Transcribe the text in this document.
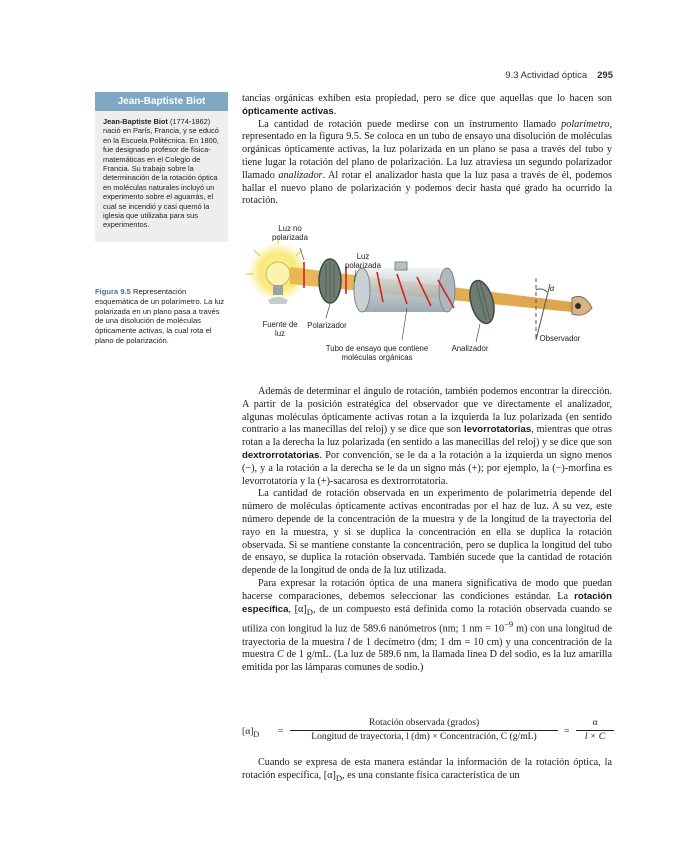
9.3 Actividad óptica 295
Jean-Baptiste Biot
Jean-Baptiste Biot (1774-1862) nació en París, Francia, y se educó en la Escuela Politécnica. En 1800, fue designado profesor de física-matemáticas en el Colegio de Francia. Su trabajo sobre la determinación de la rotación óptica en moléculas naturales incluyó un experimento sobre el aguarrás, el cual se incendió y casi quemó la iglesia que utilizaba para sus experimentos.
Figura 9.5 Representación esquemática de un polarímetro. La luz polarizada en un plano pasa a través de una disolución de moléculas ópticamente activas, la cual rota el plano de polarización.

tancias orgánicas exhiben esta propiedad, pero se dice que aquellas que lo hacen son ópticamente activas.

La cantidad de rotación puede medirse con un instrumento llamado polarímetro, representado en la figura 9.5. Se coloca en un tubo de ensayo una disolución de moléculas orgánicas ópticamente activas, la luz polarizada en un plano se pasa a través del tubo y tiene lugar la rotación del plano de polarización. La luz atraviesa un segundo polarizador llamado analizador. Al rotar el analizador hasta que la luz pasa a través de él, podemos hallar el nuevo plano de polarización y podemos decir hasta qué grado ha ocurrido la rotación.

Luz no polarizada
Luz polarizada
Fuente de luz
Polarizador
Tubo de ensayo que contiene moléculas orgánicas
Analizador
Observador
α

Además de determinar el ángulo de rotación, también podemos encontrar la dirección. A partir de la posición estratégica del observador que ve directamente el analizador, algunas moléculas ópticamente activas rotan a la izquierda la luz polarizada (en sentido contrario a las manecillas del reloj) y se dice que son levorrotatorias, mientras que otras rotan a la derecha la luz polarizada (en sentido a las manecillas del reloj) y se dice que son dextrorrotatorias. Por convención, se le da a la rotación a la izquierda un signo menos (−), y a la rotación a la derecha se le da un signo más (+); por ejemplo, la (−)-morfina es levorrotatoria y la (+)-sacarosa es dextrorrotatoria.

La cantidad de rotación observada en un experimento de polarimetría depende del número de moléculas ópticamente activas encontradas por el haz de luz. A su vez, este número depende de la concentración de la muestra y de la longitud de la trayectoria del rayo en la muestra, y si se duplica la concentración en ella se duplica la rotación observada. Si se mantiene constante la concentración, pero se duplica la longitud del tubo de ensayo, se duplica la rotación observada. También sucede que la cantidad de rotación depende de la longitud de onda de la luz utilizada.

Para expresar la rotación óptica de una manera significativa de modo que puedan hacerse comparaciones, debemos seleccionar las condiciones estándar. La rotación específica, $[\alpha]_D$, de un compuesto está definida como la rotación observada cuando se utiliza con longitud la luz de 589.6 nanómetros (nm; 1 nm = $10^{-9}$ m) con una longitud de trayectoria de la muestra l de 1 decímetro (dm; 1 dm = 10 cm) y una concentración de la muestra C de 1 g/mL. (La luz de 589.6 nm, la llamada línea D del sodio, es la luz amarilla emitida por las lámparas comunes de sodio.)

$[\alpha]_D$ =
Rotación observada (grados)
Longitud de trayectoria, l (dm) × Concentración, C (g/mL)	= $\frac{\alpha}{l \times C}$

Cuando se expresa de esta manera estándar la información de la rotación óptica, la rotación específica, $[\alpha]_D$, es una constante física característica de un
